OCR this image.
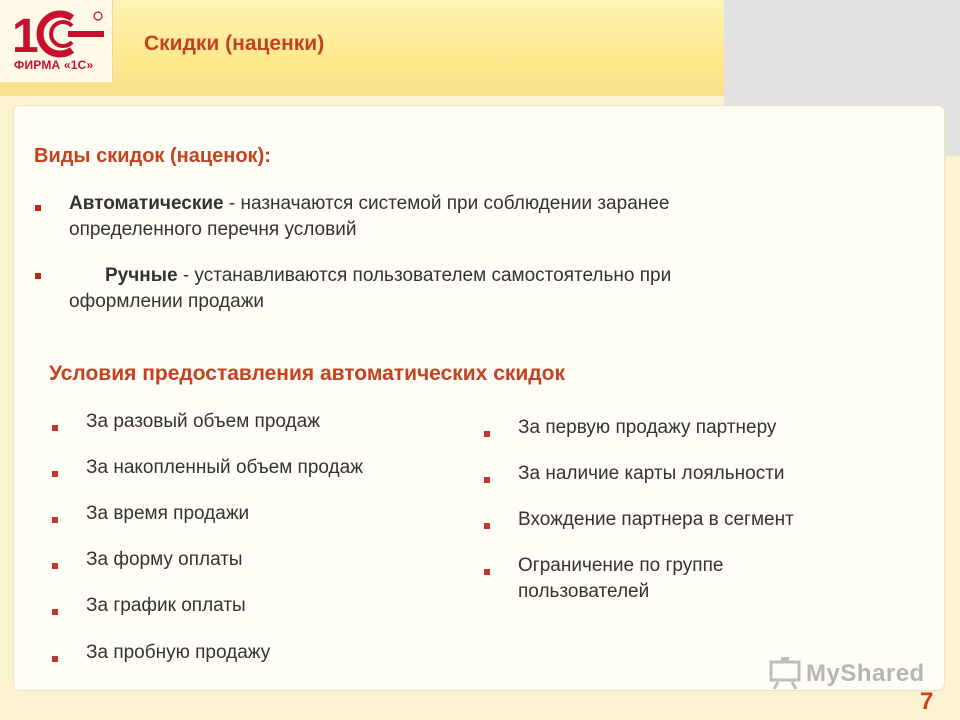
1
ФИРМА «1С»
Скидки (наценки)
Виды скидок (наценок):
Автоматические - назначаются системой при соблюдении заранее
определенного перечня условий
Ручные - устанавливаются пользователем самостоятельно при
оформлении продажи
Условия предоставления автоматических скидок
За разовый объем продаж
За накопленный объем продаж
За время продажи
За форму оплаты
За график оплаты
За пробную продажу
За первую продажу партнеру
За наличие карты лояльности
Вхождение партнера в сегмент
Ограничение по группе
пользователей
MyShared
7
